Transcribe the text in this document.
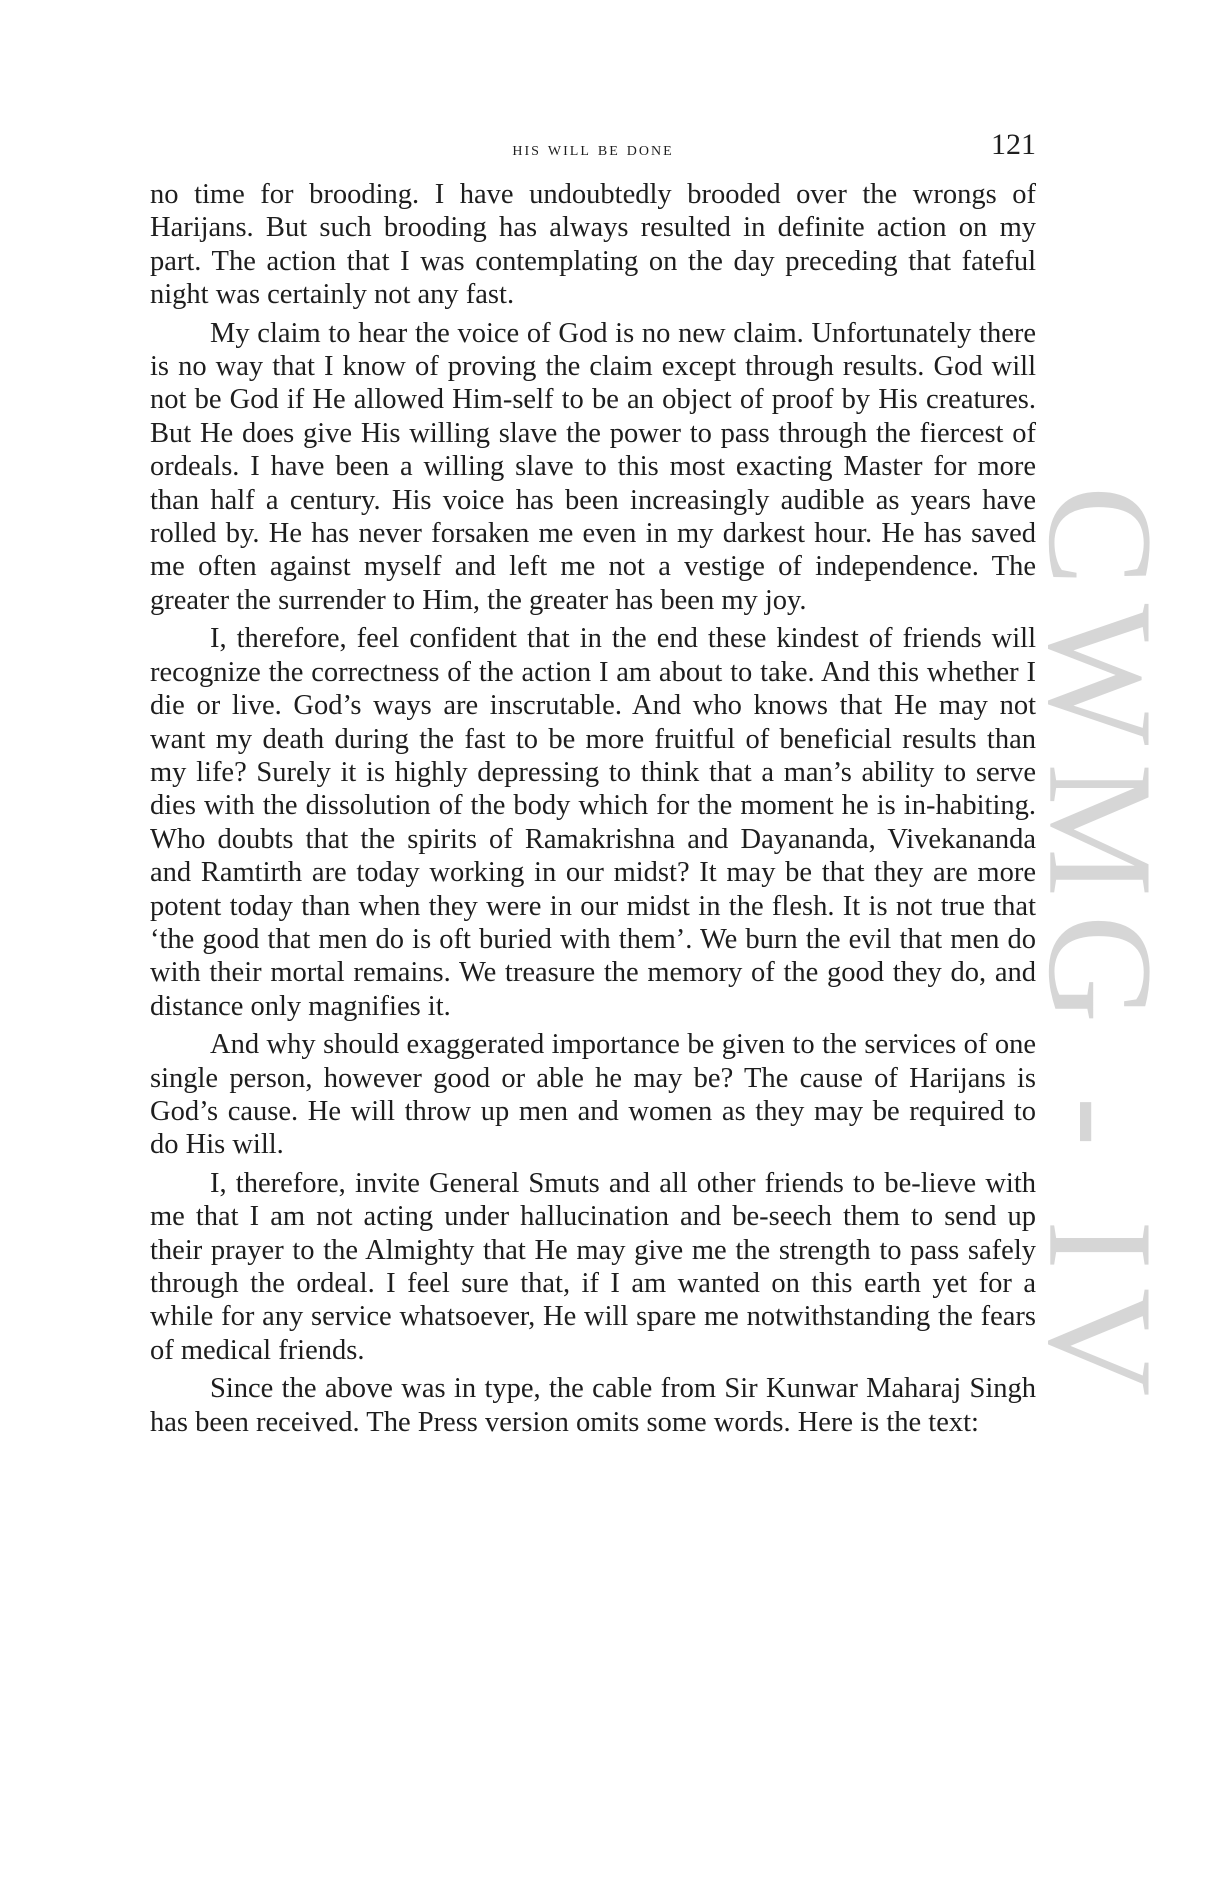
CWMG - IV
his will be done	121

no time for brooding. I have undoubtedly brooded over the wrongs of Harijans. But such brooding has always resulted in definite action on my part. The action that I was contemplating on the day preceding that fateful night was certainly not any fast.

My claim to hear the voice of God is no new claim. Unfortunately there is no way that I know of proving the claim except through results. God will not be God if He allowed Him-self to be an object of proof by His creatures. But He does give His willing slave the power to pass through the fiercest of ordeals. I have been a willing slave to this most exacting Master for more than half a century. His voice has been increasingly audible as years have rolled by. He has never forsaken me even in my darkest hour. He has saved me often against myself and left me not a vestige of independence. The greater the surrender to Him, the greater has been my joy.

I, therefore, feel confident that in the end these kindest of friends will recognize the correctness of the action I am about to take. And this whether I die or live. God’s ways are inscrutable. And who knows that He may not want my death during the fast to be more fruitful of beneficial results than my life? Surely it is highly depressing to think that a man’s ability to serve dies with the dissolution of the body which for the moment he is in-habiting. Who doubts that the spirits of Ramakrishna and Dayananda, Vivekananda and Ramtirth are today working in our midst? It may be that they are more potent today than when they were in our midst in the flesh. It is not true that ‘the good that men do is oft buried with them’. We burn the evil that men do with their mortal remains. We treasure the memory of the good they do, and distance only magnifies it.

And why should exaggerated importance be given to the services of one single person, however good or able he may be? The cause of Harijans is God’s cause. He will throw up men and women as they may be required to do His will.

I, therefore, invite General Smuts and all other friends to be-lieve with me that I am not acting under hallucination and be-seech them to send up their prayer to the Almighty that He may give me the strength to pass safely through the ordeal. I feel sure that, if I am wanted on this earth yet for a while for any service whatsoever, He will spare me notwithstanding the fears of medical friends.

Since the above was in type, the cable from Sir Kunwar Maharaj Singh has been received. The Press version omits some words. Here is the text:
